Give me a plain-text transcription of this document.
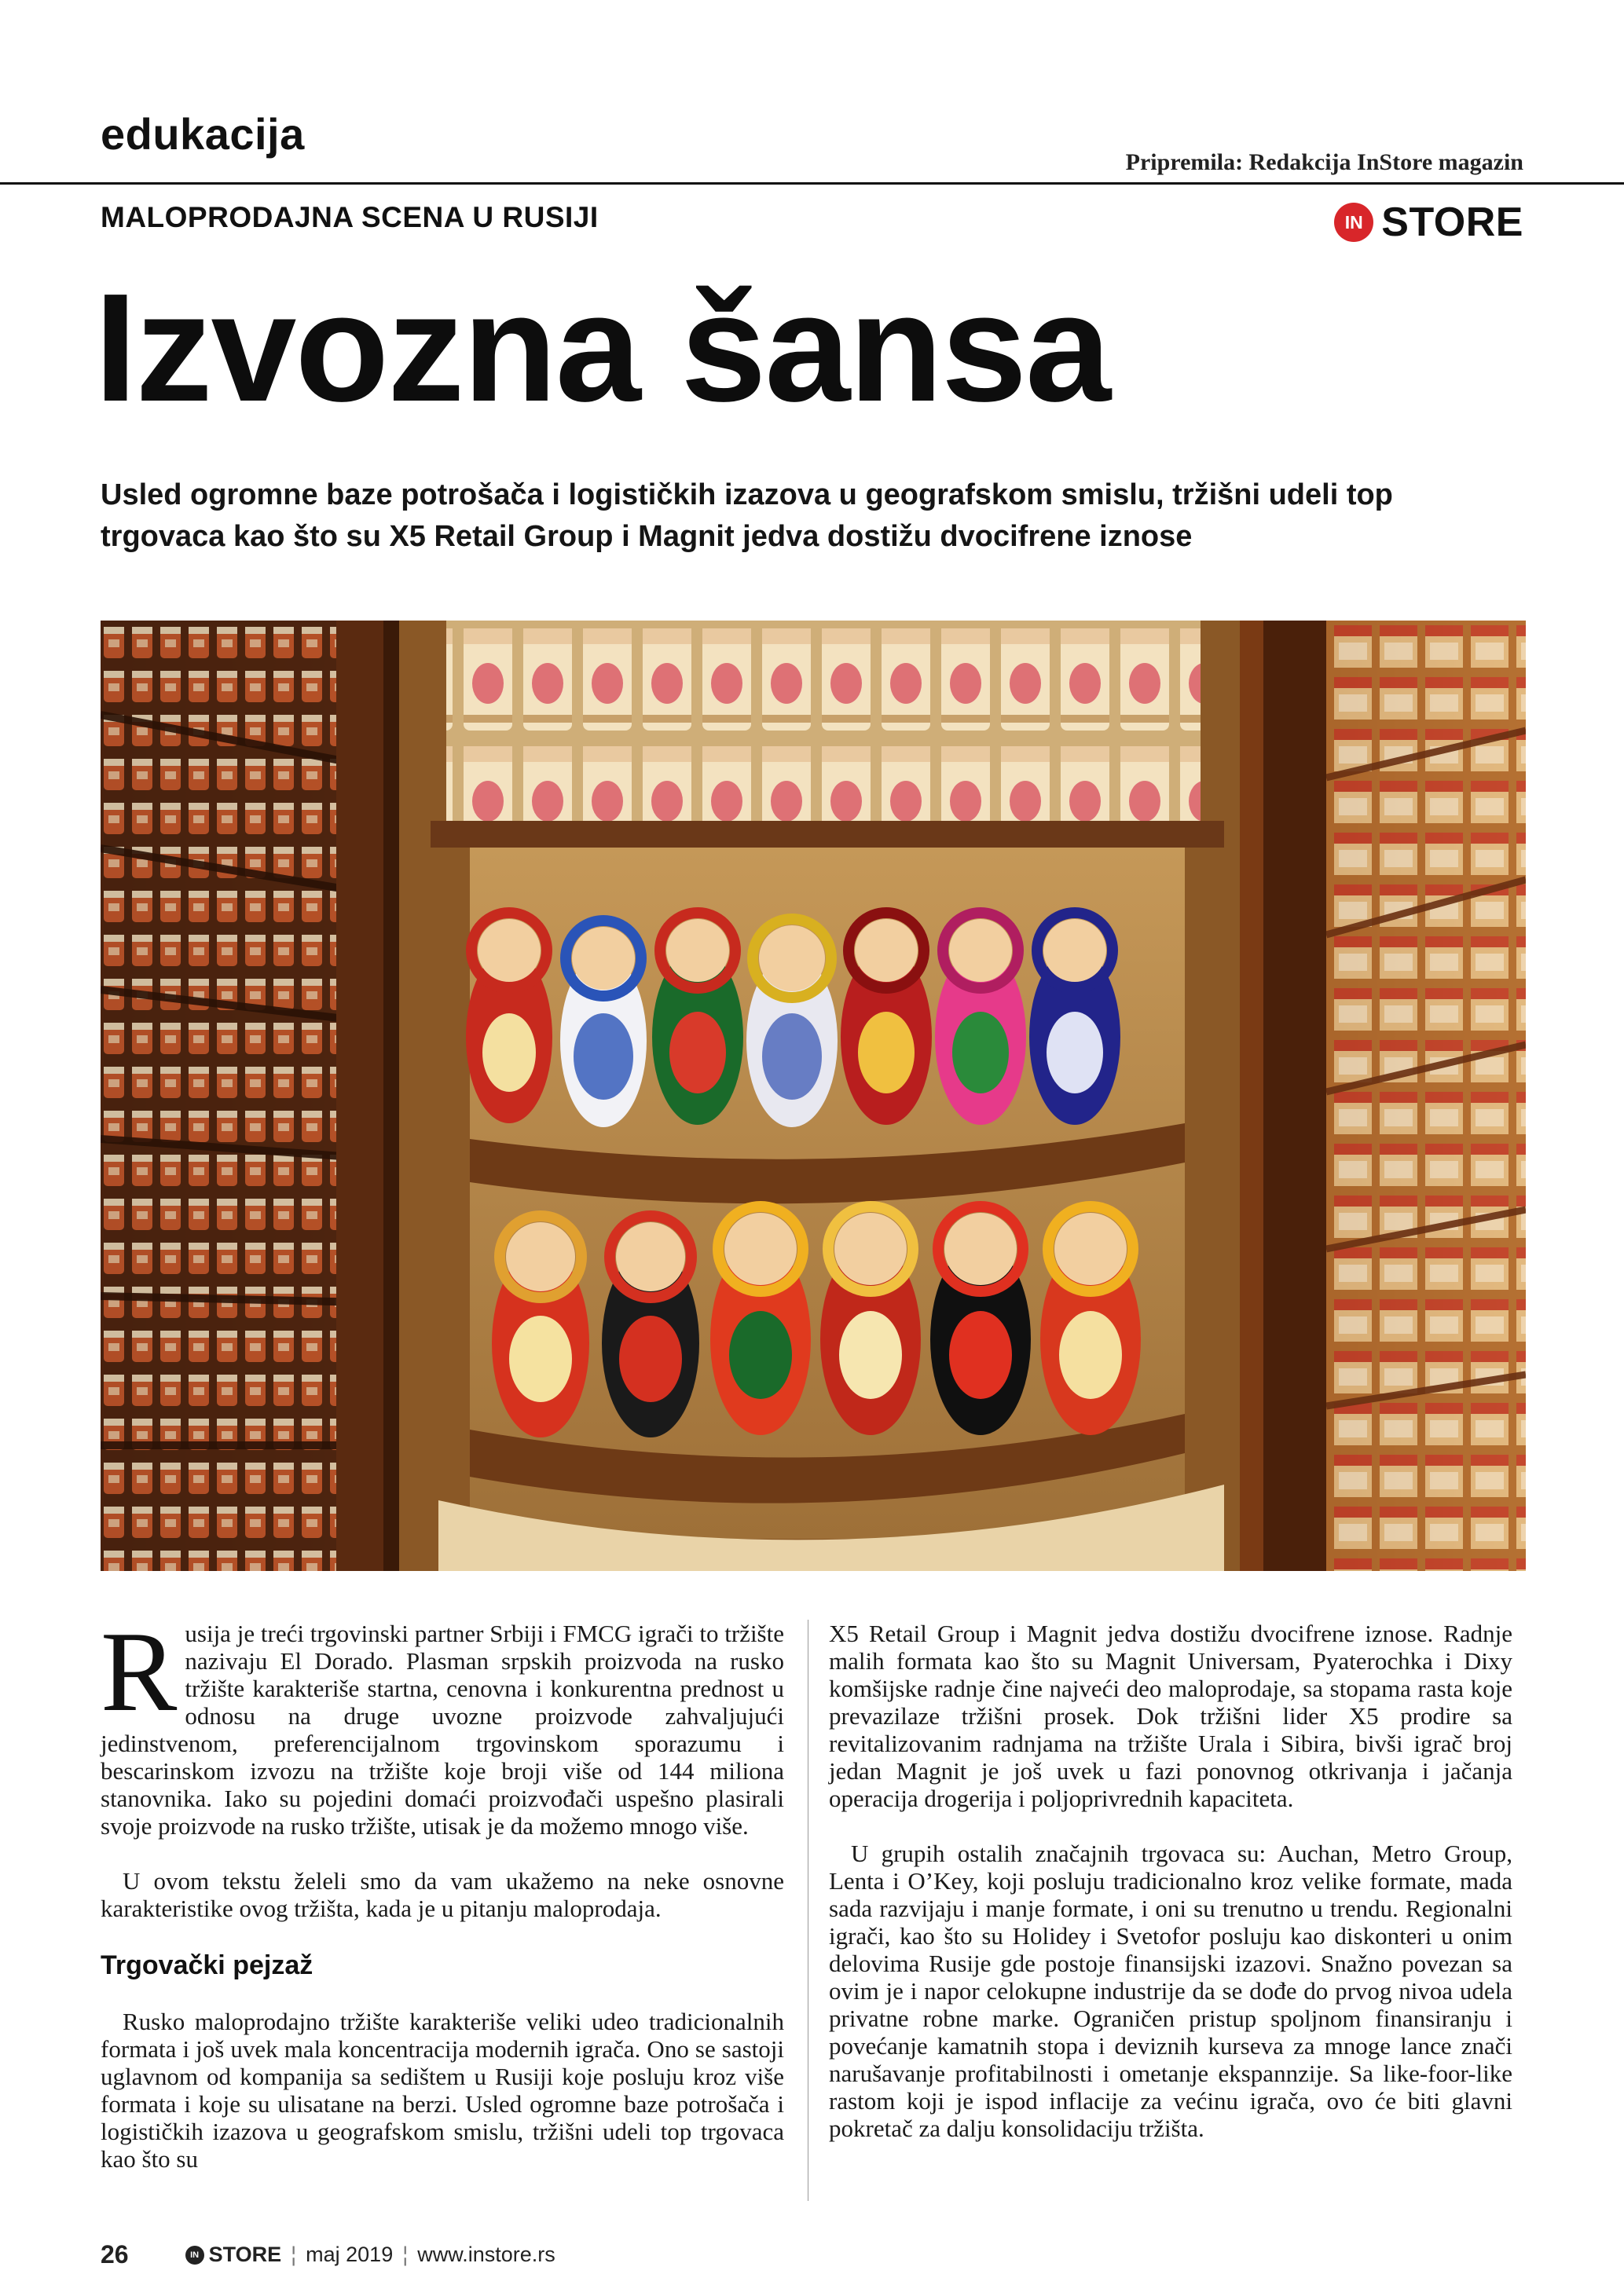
edukacija
Pripremila: Redakcija InStore magazin
MALOPRODAJNA SCENA U RUSIJI	IN STORE
Izvozna šansa
Usled ogromne baze potrošača i logističkih izazova u geografskom smislu, tržišni udeli top trgovaca kao što su X5 Retail Group i Magnit jedva dostižu dvocifrene iznose

R usija je treći trgovinski partner Srbiji i FMCG igrači to tržište nazivaju El Dorado. Plasman srpskih proizvoda na rusko tržište karakteriše startna, cenovna i konkurentna prednost u odnosu na druge uvozne proizvode zahvaljujući jedinstvenom, preferencijalnom trgovinskom sporazumu i bescarinskom izvozu na tržište koje broji više od 144 miliona stanovnika. Iako su pojedini domaći proizvođači uspešno plasirali svoje proizvode na rusko tržište, utisak je da možemo mnogo više.

U ovom tekstu želeli smo da vam ukažemo na neke osnovne karakteristike ovog tržišta, kada je u pitanju maloprodaja.

Trgovački pejzaž

Rusko maloprodajno tržište karakteriše veliki udeo tradicionalnih formata i još uvek mala koncentracija modernih igrača. Ono se sastoji uglavnom od kompanija sa sedištem u Rusiji koje posluju kroz više formata i koje su ulisatane na berzi. Usled ogromne baze potrošača i logističkih izazova u geografskom smislu, tržišni udeli top trgovaca kao što su

X5 Retail Group i Magnit jedva dostižu dvocifrene iznose. Radnje malih formata kao što su Magnit Universam, Pyaterochka i Dixy komšijske radnje čine najveći deo maloprodaje, sa stopama rasta koje prevazilaze tržišni prosek. Dok tržišni lider X5 prodire sa revitalizovanim radnjama na tržište Urala i Sibira, bivši igrač broj jedan Magnit je još uvek u fazi ponovnog otkrivanja i jačanja operacija drogerija i poljoprivrednih kapaciteta.

U grupih ostalih značajnih trgovaca su: Auchan, Metro Group, Lenta i O’Key, koji posluju tradicionalno kroz velike formate, mada sada razvijaju i manje formate, i oni su trenutno u trendu. Regionalni igrači, kao što su Holidey i Svetofor posluju kao diskonteri u onim delovima Rusije gde postoje finansijski izazovi. Snažno povezan sa ovim je i napor celokupne industrije da se dođe do prvog nivoa udela privatne robne marke. Ograničen pristup spoljnom finansiranju i povećanje kamatnih stopa i deviznih kurseva za mnoge lance znači narušavanje profitabilnosti i ometanje ekspannzije. Sa like-foor-like rastom koji je ispod inflacije za većinu igrača, ovo će biti glavni pokretač za dalju konsolidaciju tržišta.

26	IN STORE ¦ maj 2019 ¦ www.instore.rs
